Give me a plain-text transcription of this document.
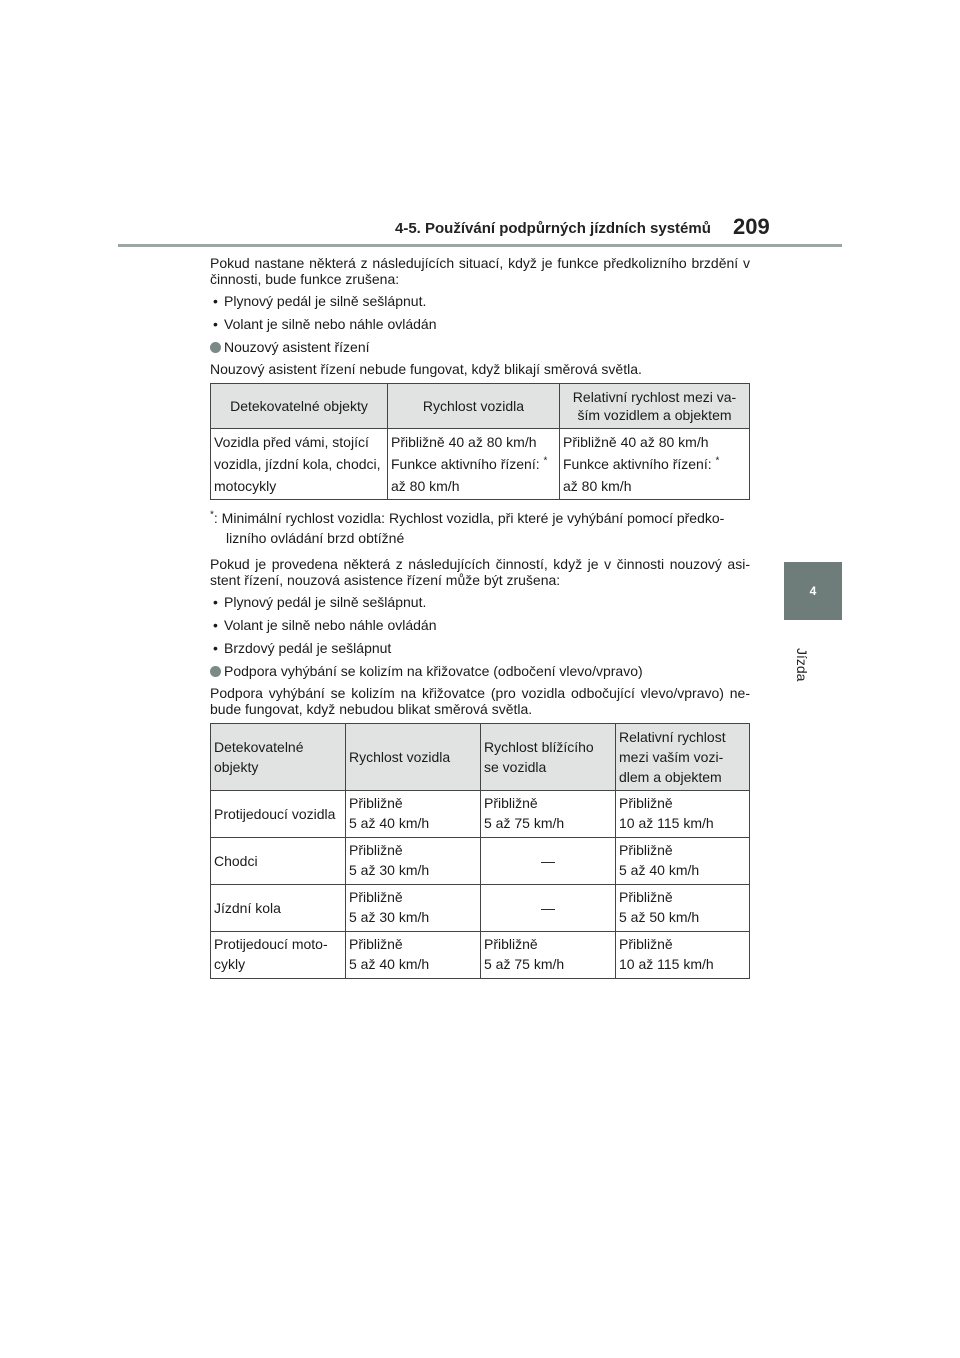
4-5. Používání podpůrných jízdních systémů 209
4
Jízda

Pokud nastane některá z následujících situací, když je funkce předkolizního brzdění v činnosti, bude funkce zrušena:

• Plynový pedál je silně sešlápnut.
• Volant je silně nebo náhle ovládán
Nouzový asistent řízení

Nouzový asistent řízení nebude fungovat, když blikají směrová světla.

Detekovatelné objekty	Rychlost vozidla	Relativní rychlost mezi va-
ším vozidlem a objektem
Vozidla před vámi, stojící
vozidla, jízdní kola, chodci,
motocykly	Přibližně 40 až 80 km/h
Funkce aktivního řízení: *
až 80 km/h	Přibližně 40 až 80 km/h
Funkce aktivního řízení: *
až 80 km/h

*: Minimální rychlost vozidla: Rychlost vozidla, při které je vyhýbání pomocí předko-lizního ovládání brzd obtížné

Pokud je provedena některá z následujících činností, když je v činnosti nouzový asi-stent řízení, nouzová asistence řízení může být zrušena:

• Plynový pedál je silně sešlápnut.
• Volant je silně nebo náhle ovládán
• Brzdový pedál je sešlápnut
Podpora vyhýbání se kolizím na křižovatce (odbočení vlevo/vpravo)

Podpora vyhýbání se kolizím na křižovatce (pro vozidla odbočující vlevo/vpravo) ne-bude fungovat, když nebudou blikat směrová světla.

Detekovatelné
objekty	Rychlost vozidla	Rychlost blížícího
se vozidla	Relativní rychlost
mezi vaším vozi-
dlem a objektem
Protijedoucí vozidla	Přibližně
5 až 40 km/h	Přibližně
5 až 75 km/h	Přibližně
10 až 115 km/h
Chodci	Přibližně
5 až 30 km/h	—	Přibližně
5 až 40 km/h
Jízdní kola	Přibližně
5 až 30 km/h	—	Přibližně
5 až 50 km/h
Protijedoucí moto-
cykly	Přibližně
5 až 40 km/h	Přibližně
5 až 75 km/h	Přibližně
10 až 115 km/h
